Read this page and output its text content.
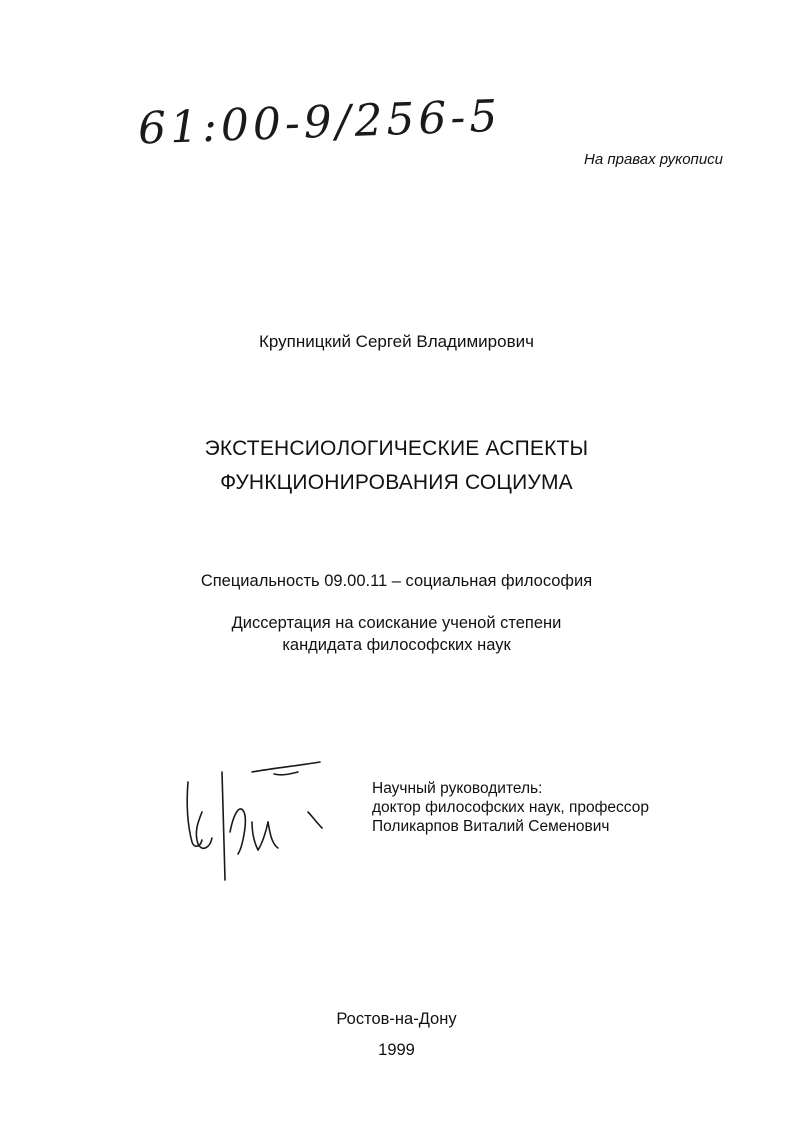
61:00-9/256-5
На правах рукописи
Крупницкий Сергей Владимирович
ЭКСТЕНСИОЛОГИЧЕСКИЕ АСПЕКТЫ
ФУНКЦИОНИРОВАНИЯ СОЦИУМА
Специальность 09.00.11 – социальная философия
Диссертация на соискание ученой степени
кандидата философских наук
Научный руководитель:
доктор философских наук, профессор
Поликарпов Виталий Семенович
Ростов-на-Дону
1999
